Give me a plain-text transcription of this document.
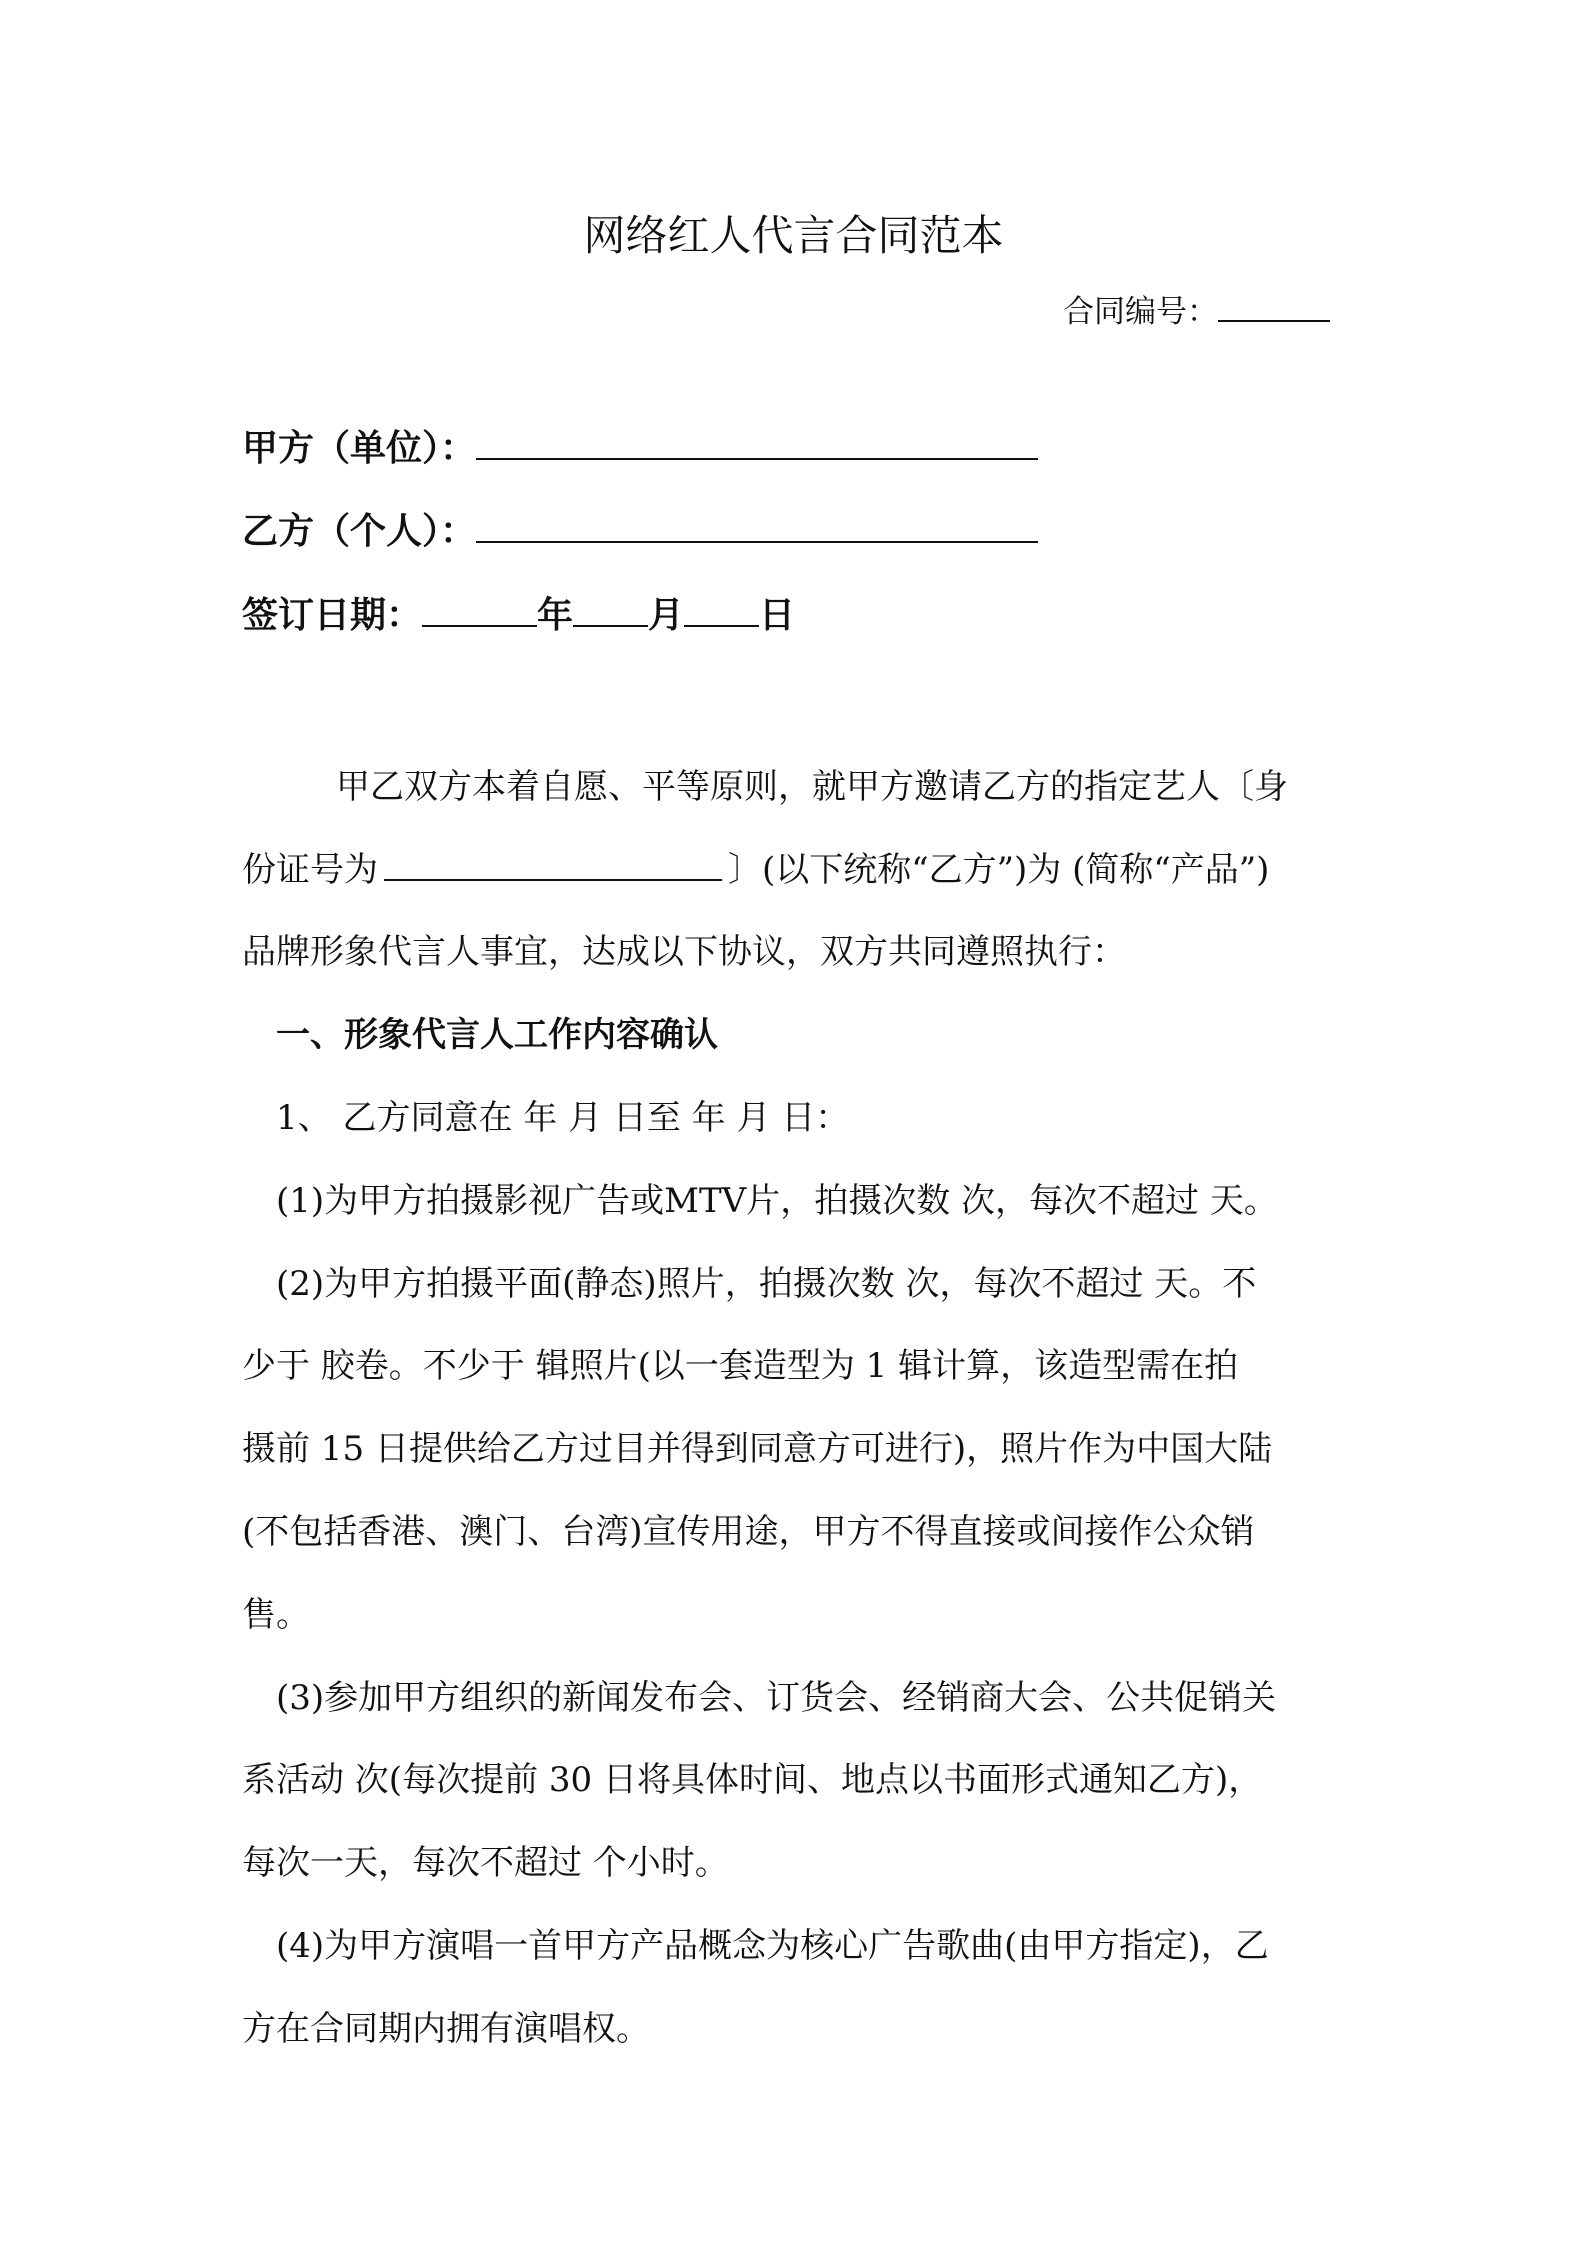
网络红人代言合同范本
合同编号：
甲方（单位）：
乙方（个人）：
签订日期：	年 月 日
甲乙双方本着自愿、平等原则，就甲方邀请乙方的指定艺人〔身
份证号为	〕(以下统称“乙方”)为 (简称“产品”)
品牌形象代言人事宜，达成以下协议，双方共同遵照执行：
一、形象代言人工作内容确认
1、 乙方同意在 年 月 日至 年 月 日：
(1)为甲方拍摄影视广告或MTV片，拍摄次数 次，每次不超过 天。
(2)为甲方拍摄平面(静态)照片，拍摄次数 次，每次不超过 天。不
少于 胶卷。不少于 辑照片(以一套造型为 1 辑计算，该造型需在拍
摄前 15 日提供给乙方过目并得到同意方可进行)，照片作为中国大陆
(不包括香港、澳门、台湾)宣传用途，甲方不得直接或间接作公众销
售。
(3)参加甲方组织的新闻发布会、订货会、经销商大会、公共促销关
系活动 次(每次提前 30 日将具体时间、地点以书面形式通知乙方)，
每次一天，每次不超过 个小时。
(4)为甲方演唱一首甲方产品概念为核心广告歌曲(由甲方指定)，乙
方在合同期内拥有演唱权。
